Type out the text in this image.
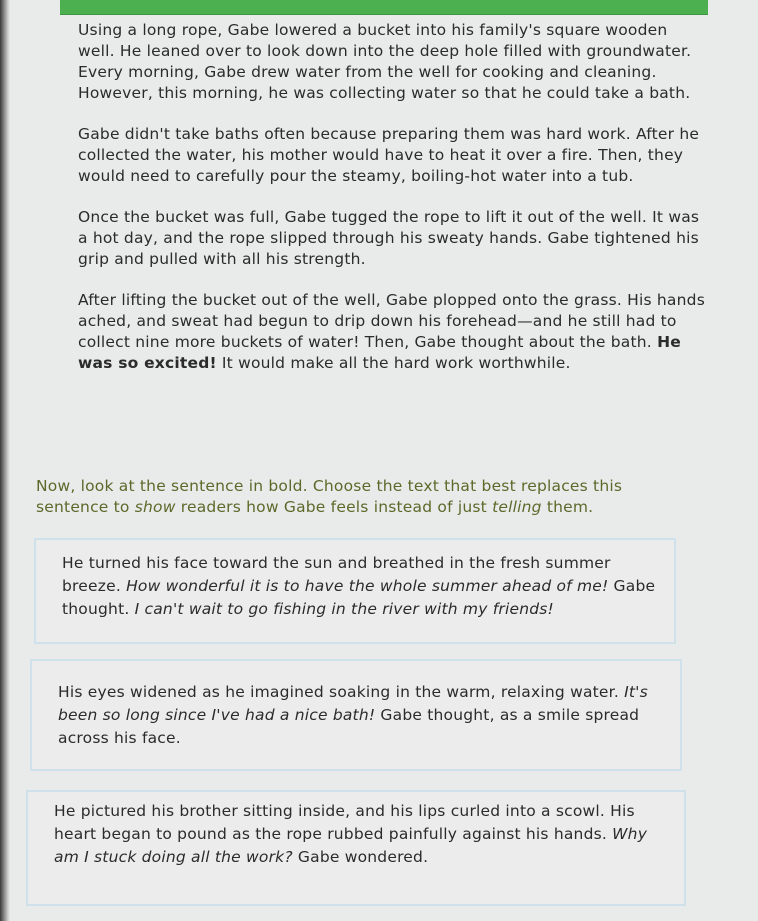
Using a long rope, Gabe lowered a bucket into his family's square wooden well. He leaned over to look down into the deep hole filled with groundwater. Every morning, Gabe drew water from the well for cooking and cleaning. However, this morning, he was collecting water so that he could take a bath.

Gabe didn't take baths often because preparing them was hard work. After he collected the water, his mother would have to heat it over a fire. Then, they would need to carefully pour the steamy, boiling-hot water into a tub.

Once the bucket was full, Gabe tugged the rope to lift it out of the well. It was a hot day, and the rope slipped through his sweaty hands. Gabe tightened his grip and pulled with all his strength.

After lifting the bucket out of the well, Gabe plopped onto the grass. His hands ached, and sweat had begun to drip down his forehead—and he still had to collect nine more buckets of water! Then, Gabe thought about the bath. He was so excited! It would make all the hard work worthwhile.

Now, look at the sentence in bold. Choose the text that best replaces this sentence to show readers how Gabe feels instead of just telling them.
He turned his face toward the sun and breathed in the fresh summer breeze. How wonderful it is to have the whole summer ahead of me! Gabe thought. I can't wait to go fishing in the river with my friends!
His eyes widened as he imagined soaking in the warm, relaxing water. It's been so long since I've had a nice bath! Gabe thought, as a smile spread across his face.
He pictured his brother sitting inside, and his lips curled into a scowl. His heart began to pound as the rope rubbed painfully against his hands. Why am I stuck doing all the work? Gabe wondered.
